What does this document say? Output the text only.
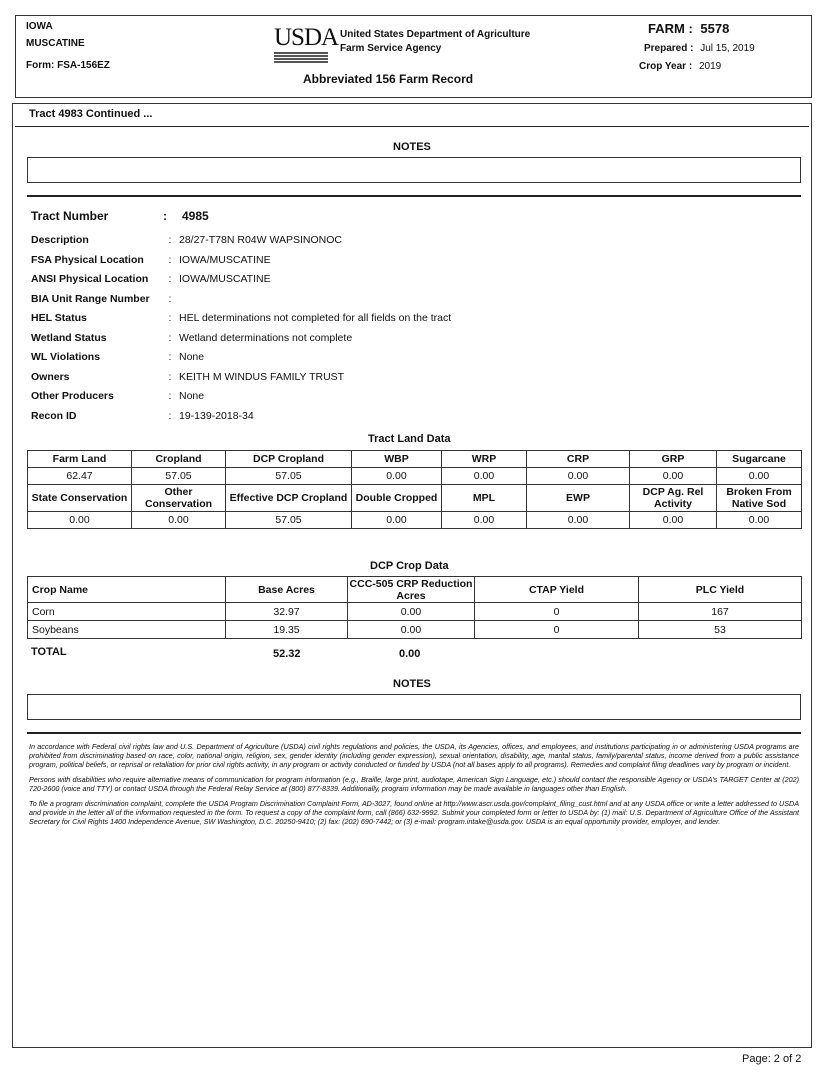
IOWA
MUSCATINE
Form: FSA-156EZ
USDA United States Department of Agriculture
Farm Service Agency
Abbreviated 156 Farm Record
FARM : 5578
Prepared : Jul 15, 2019
Crop Year : 2019
Tract 4983 Continued ...
NOTES
Tract Number	: 4985
Description	: 28/27-T78N R04W WAPSINONOC
FSA Physical Location	: IOWA/MUSCATINE
ANSI Physical Location	: IOWA/MUSCATINE
BIA Unit Range Number	:
HEL Status	: HEL determinations not completed for all fields on the tract
Wetland Status	: Wetland determinations not complete
WL Violations	: None
Owners	: KEITH M WINDUS FAMILY TRUST
Other Producers	: None
Recon ID	: 19-139-2018-34
Tract Land Data
Farm Land	Cropland	DCP Cropland	WBP	WRP	CRP	GRP	Sugarcane
62.47	57.05	57.05	0.00	0.00	0.00	0.00	0.00
State Conservation	Other Conservation	Effective DCP Cropland	Double Cropped	MPL	EWP	DCP Ag. Rel Activity	Broken From Native Sod
0.00	0.00	57.05	0.00	0.00	0.00	0.00	0.00
DCP Crop Data
Crop Name	Base Acres	CCC-505 CRP Reduction Acres	CTAP Yield	PLC Yield
Corn	32.97	0.00	0	167
Soybeans	19.35	0.00	0	53
TOTAL	52.32	0.00
NOTES

In accordance with Federal civil rights law and U.S. Department of Agriculture (USDA) civil rights regulations and policies, the USDA, its Agencies, offices, and employees, and institutions participating in or administering USDA programs are prohibited from discriminating based on race, color, national origin, religion, sex, gender identity (including gender expression), sexual orientation, disability, age, marital status, family/parental status, income derived from a public assistance program, political beliefs, or reprisal or retaliation for prior civil rights activity, in any program or activity conducted or funded by USDA (not all bases apply to all programs). Remedies and complaint filing deadlines vary by program or incident.

Persons with disabilities who require alternative means of communication for program information (e.g., Braille, large print, audiotape, American Sign Language, etc.) should contact the responsible Agency or USDA's TARGET Center at (202) 720-2600 (voice and TTY) or contact USDA through the Federal Relay Service at (800) 877-8339. Additionally, program information may be made available in languages other than English.

To file a program discrimination complaint, complete the USDA Program Discrimination Complaint Form, AD-3027, found online at http://www.ascr.usda.gov/complaint_filing_cust.html and at any USDA office or write a letter addressed to USDA and provide in the letter all of the information requested in the form. To request a copy of the complaint form, call (866) 632-9992. Submit your completed form or letter to USDA by: (1) mail: U.S. Department of Agriculture Office of the Assistant Secretary for Civil Rights 1400 Independence Avenue, SW Washington, D.C. 20250-9410; (2) fax: (202) 690-7442; or (3) e-mail: program.intake@usda.gov. USDA is an equal opportunity provider, employer, and lender.

Page: 2 of 2
